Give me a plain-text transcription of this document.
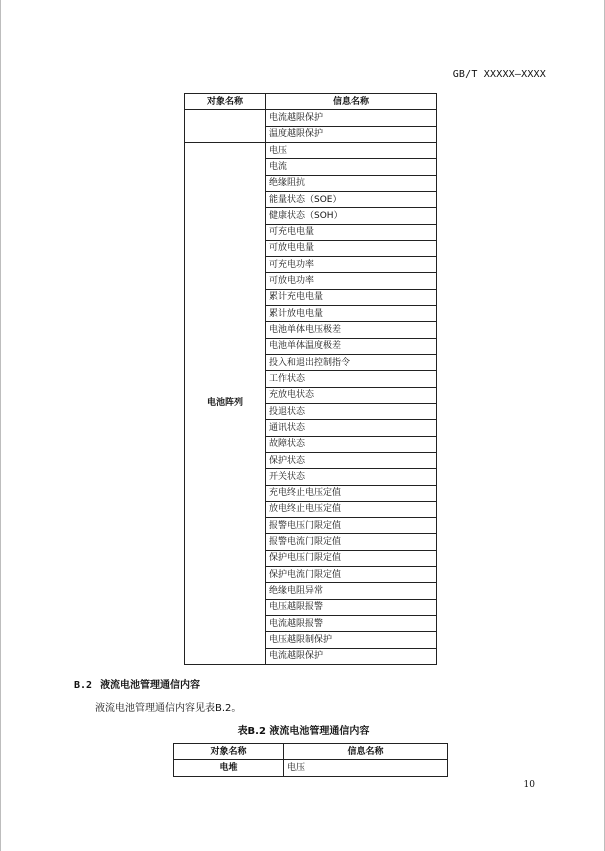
GB/T XXXXX—XXXX
对象名称	信息名称
	电流越限保护
	温度越限保护
电池阵列	电压
	电流
	绝缘阻抗
	能量状态（SOE）
	健康状态（SOH）
	可充电电量
	可放电电量
	可充电功率
	可放电功率
	累计充电电量
	累计放电电量
	电池单体电压极差
	电池单体温度极差
	投入和退出控制指令
	工作状态
	充放电状态
	投退状态
	通讯状态
	故障状态
	保护状态
	开关状态
	充电终止电压定值
	放电终止电压定值
	报警电压门限定值
	报警电流门限定值
	保护电压门限定值
	保护电流门限定值
	绝缘电阻异常
	电压越限报警
	电流越限报警
	电压越限制保护
	电流越限保护
B.2 液流电池管理通信内容
液流电池管理通信内容见表B.2。
表B.2 液流电池管理通信内容
对象名称	信息名称
电堆	电压
10
